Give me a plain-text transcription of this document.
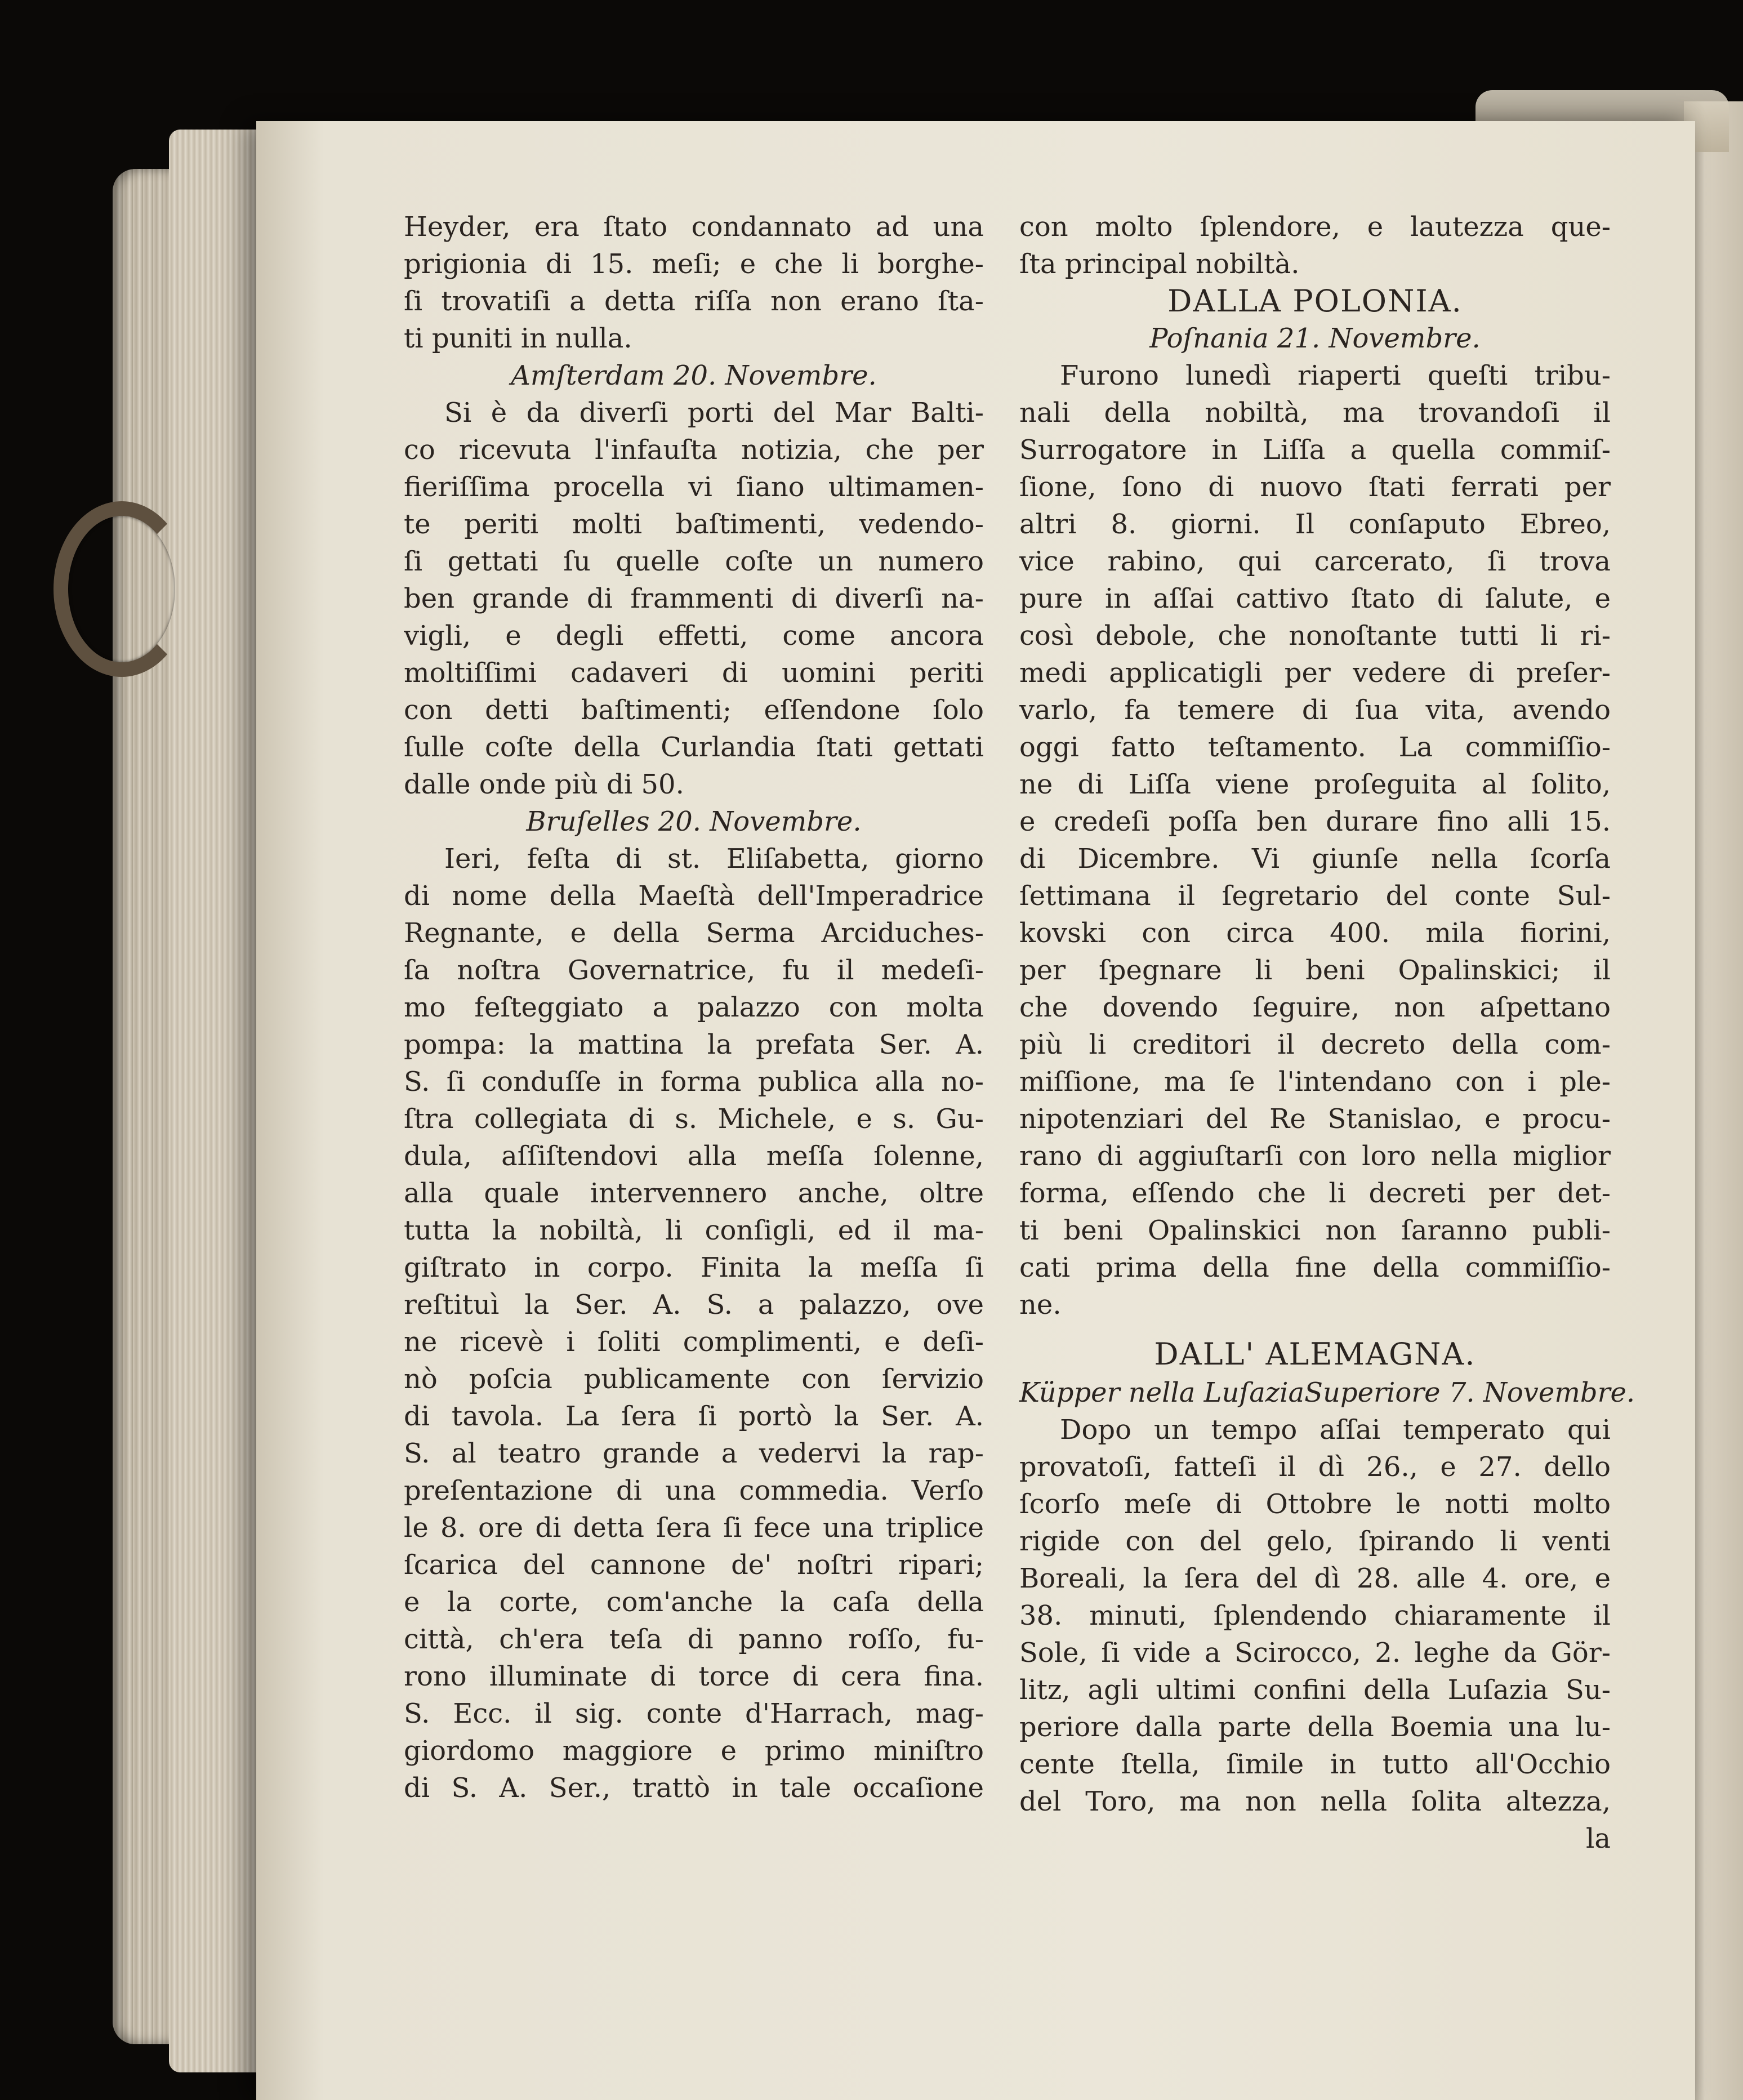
Heyder, era ſtato condannato ad una
prigionia di 15. meſi; e che li borghe-
ſi trovatiſi a detta riſſa non erano ſta-
ti puniti in nulla.
Amſterdam 20. Novembre.
Si è da diverſi porti del Mar Balti-
co ricevuta l'infauſta notizia, che per
fieriſſima procella vi ſiano ultimamen-
te periti molti baſtimenti, vedendo-
ſi gettati ſu quelle coſte un numero
ben grande di frammenti di diverſi na-
vigli, e degli effetti, come ancora
moltiſſimi cadaveri di uomini periti
con detti baſtimenti; eſſendone ſolo
ſulle coſte della Curlandia ſtati gettati
dalle onde più di 50.
Bruſelles 20. Novembre.
Ieri, feſta di st. Eliſabetta, giorno
di nome della Maeſtà dell'Imperadrice
Regnante, e della Serma Arciduches-
ſa noſtra Governatrice, fu il medeſi-
mo feſteggiato a palazzo con molta
pompa: la mattina la prefata Ser. A.
S. ſi conduſſe in forma publica alla no-
ſtra collegiata di s. Michele, e s. Gu-
dula, aſſiſtendovi alla meſſa ſolenne,
alla quale intervennero anche, oltre
tutta la nobiltà, li conſigli, ed il ma-
giſtrato in corpo. Finita la meſſa ſi
reſtituì la Ser. A. S. a palazzo, ove
ne ricevè i ſoliti complimenti, e deſi-
nò poſcia publicamente con ſervizio
di tavola. La ſera ſi portò la Ser. A.
S. al teatro grande a vedervi la rap-
preſentazione di una commedia. Verſo
le 8. ore di detta ſera ſi fece una triplice
ſcarica del cannone de' noſtri ripari;
e la corte, com'anche la caſa della
città, ch'era teſa di panno roſſo, fu-
rono illuminate di torce di cera fina.
S. Ecc. il sig. conte d'Harrach, mag-
giordomo maggiore e primo miniſtro
di S. A. Ser., trattò in tale occaſione
con molto ſplendore, e lautezza que-
ſta principal nobiltà.
DALLA POLONIA.
Poſnania 21. Novembre.
Furono lunedì riaperti queſti tribu-
nali della nobiltà, ma trovandoſi il
Surrogatore in Liſſa a quella commiſ-
ſione, ſono di nuovo ſtati ferrati per
altri 8. giorni. Il conſaputo Ebreo,
vice rabino, qui carcerato, ſi trova
pure in aſſai cattivo ſtato di ſalute, e
così debole, che nonoſtante tutti li ri-
medi applicatigli per vedere di preſer-
varlo, fa temere di ſua vita, avendo
oggi fatto teſtamento. La commiſſio-
ne di Liſſa viene proſeguita al ſolito,
e credeſi poſſa ben durare fino alli 15.
di Dicembre. Vi giunſe nella ſcorſa
ſettimana il ſegretario del conte Sul-
kovski con circa 400. mila fiorini,
per ſpegnare li beni Opalinskici; il
che dovendo ſeguire, non aſpettano
più li creditori il decreto della com-
miſſione, ma ſe l'intendano con i ple-
nipotenziari del Re Stanislao, e procu-
rano di aggiuſtarſi con loro nella miglior
forma, eſſendo che li decreti per det-
ti beni Opalinskici non ſaranno publi-
cati prima della fine della commiſſio-
ne.
DALL' ALEMAGNA.
Küpper nella LuſaziaSuperiore 7. Novembre.
Dopo un tempo aſſai temperato qui
provatoſi, fatteſi il dì 26., e 27. dello
ſcorſo meſe di Ottobre le notti molto
rigide con del gelo, ſpirando li venti
Boreali, la ſera del dì 28. alle 4. ore, e
38. minuti, ſplendendo chiaramente il
Sole, ſi vide a Scirocco, 2. leghe da Gör-
litz, agli ultimi confini della Luſazia Su-
periore dalla parte della Boemia una lu-
cente ſtella, ſimile in tutto all'Occhio
del Toro, ma non nella ſolita altezza,
la
